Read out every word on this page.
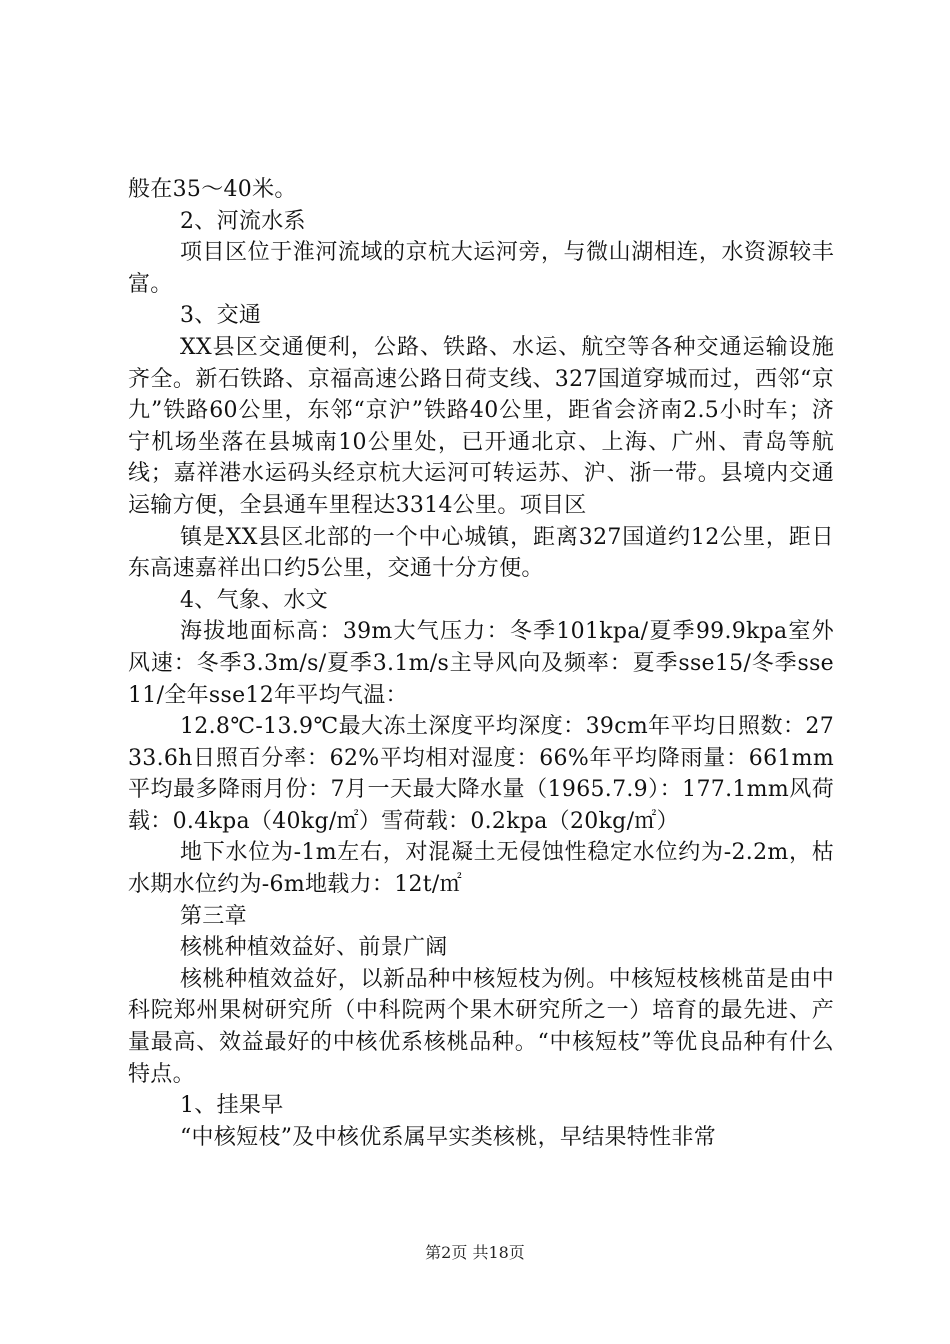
般在35～40米。

2、河流水系

项目区位于淮河流域的京杭大运河旁，与微山湖相连，水资源较丰富。

3、交通

XX县区交通便利，公路、铁路、水运、航空等各种交通运输设施齐全。新石铁路、京福高速公路日荷支线、327国道穿城而过，西邻“京九”铁路60公里，东邻“京沪”铁路40公里，距省会济南2.5小时车；济宁机场坐落在县城南10公里处，已开通北京、上海、广州、青岛等航线；嘉祥港水运码头经京杭大运河可转运苏、沪、浙一带。县境内交通运输方便，全县通车里程达3314公里。项目区

镇是XX县区北部的一个中心城镇，距离327国道约12公里，距日东高速嘉祥出口约5公里，交通十分方便。

4、气象、水文

海拔地面标高：39m大气压力：冬季101kpa/夏季99.9kpa室外风速：冬季3.3m/s/夏季3.1m/s主导风向及频率：夏季sse15/冬季sse11/全年sse12年平均气温：

12.8℃-13.9℃最大冻土深度平均深度：39cm年平均日照数：2733.6h日照百分率：62%平均相对湿度：66%年平均降雨量：661mm平均最多降雨月份：7月一天最大降水量（1965.7.9）：177.1mm风荷载：0.4kpa（40kg/㎡）雪荷载：0.2kpa（20kg/㎡）

地下水位为-1m左右，对混凝土无侵蚀性稳定水位约为-2.2m，枯水期水位约为-6m地载力：12t/㎡

第三章

核桃种植效益好、前景广阔

核桃种植效益好，以新品种中核短枝为例。中核短枝核桃苗是由中科院郑州果树研究所（中科院两个果木研究所之一）培育的最先进、产量最高、效益最好的中核优系核桃品种。“中核短枝”等优良品种有什么特点。

1、挂果早

“中核短枝”及中核优系属早实类核桃，早结果特性非常

第2页 共18页
